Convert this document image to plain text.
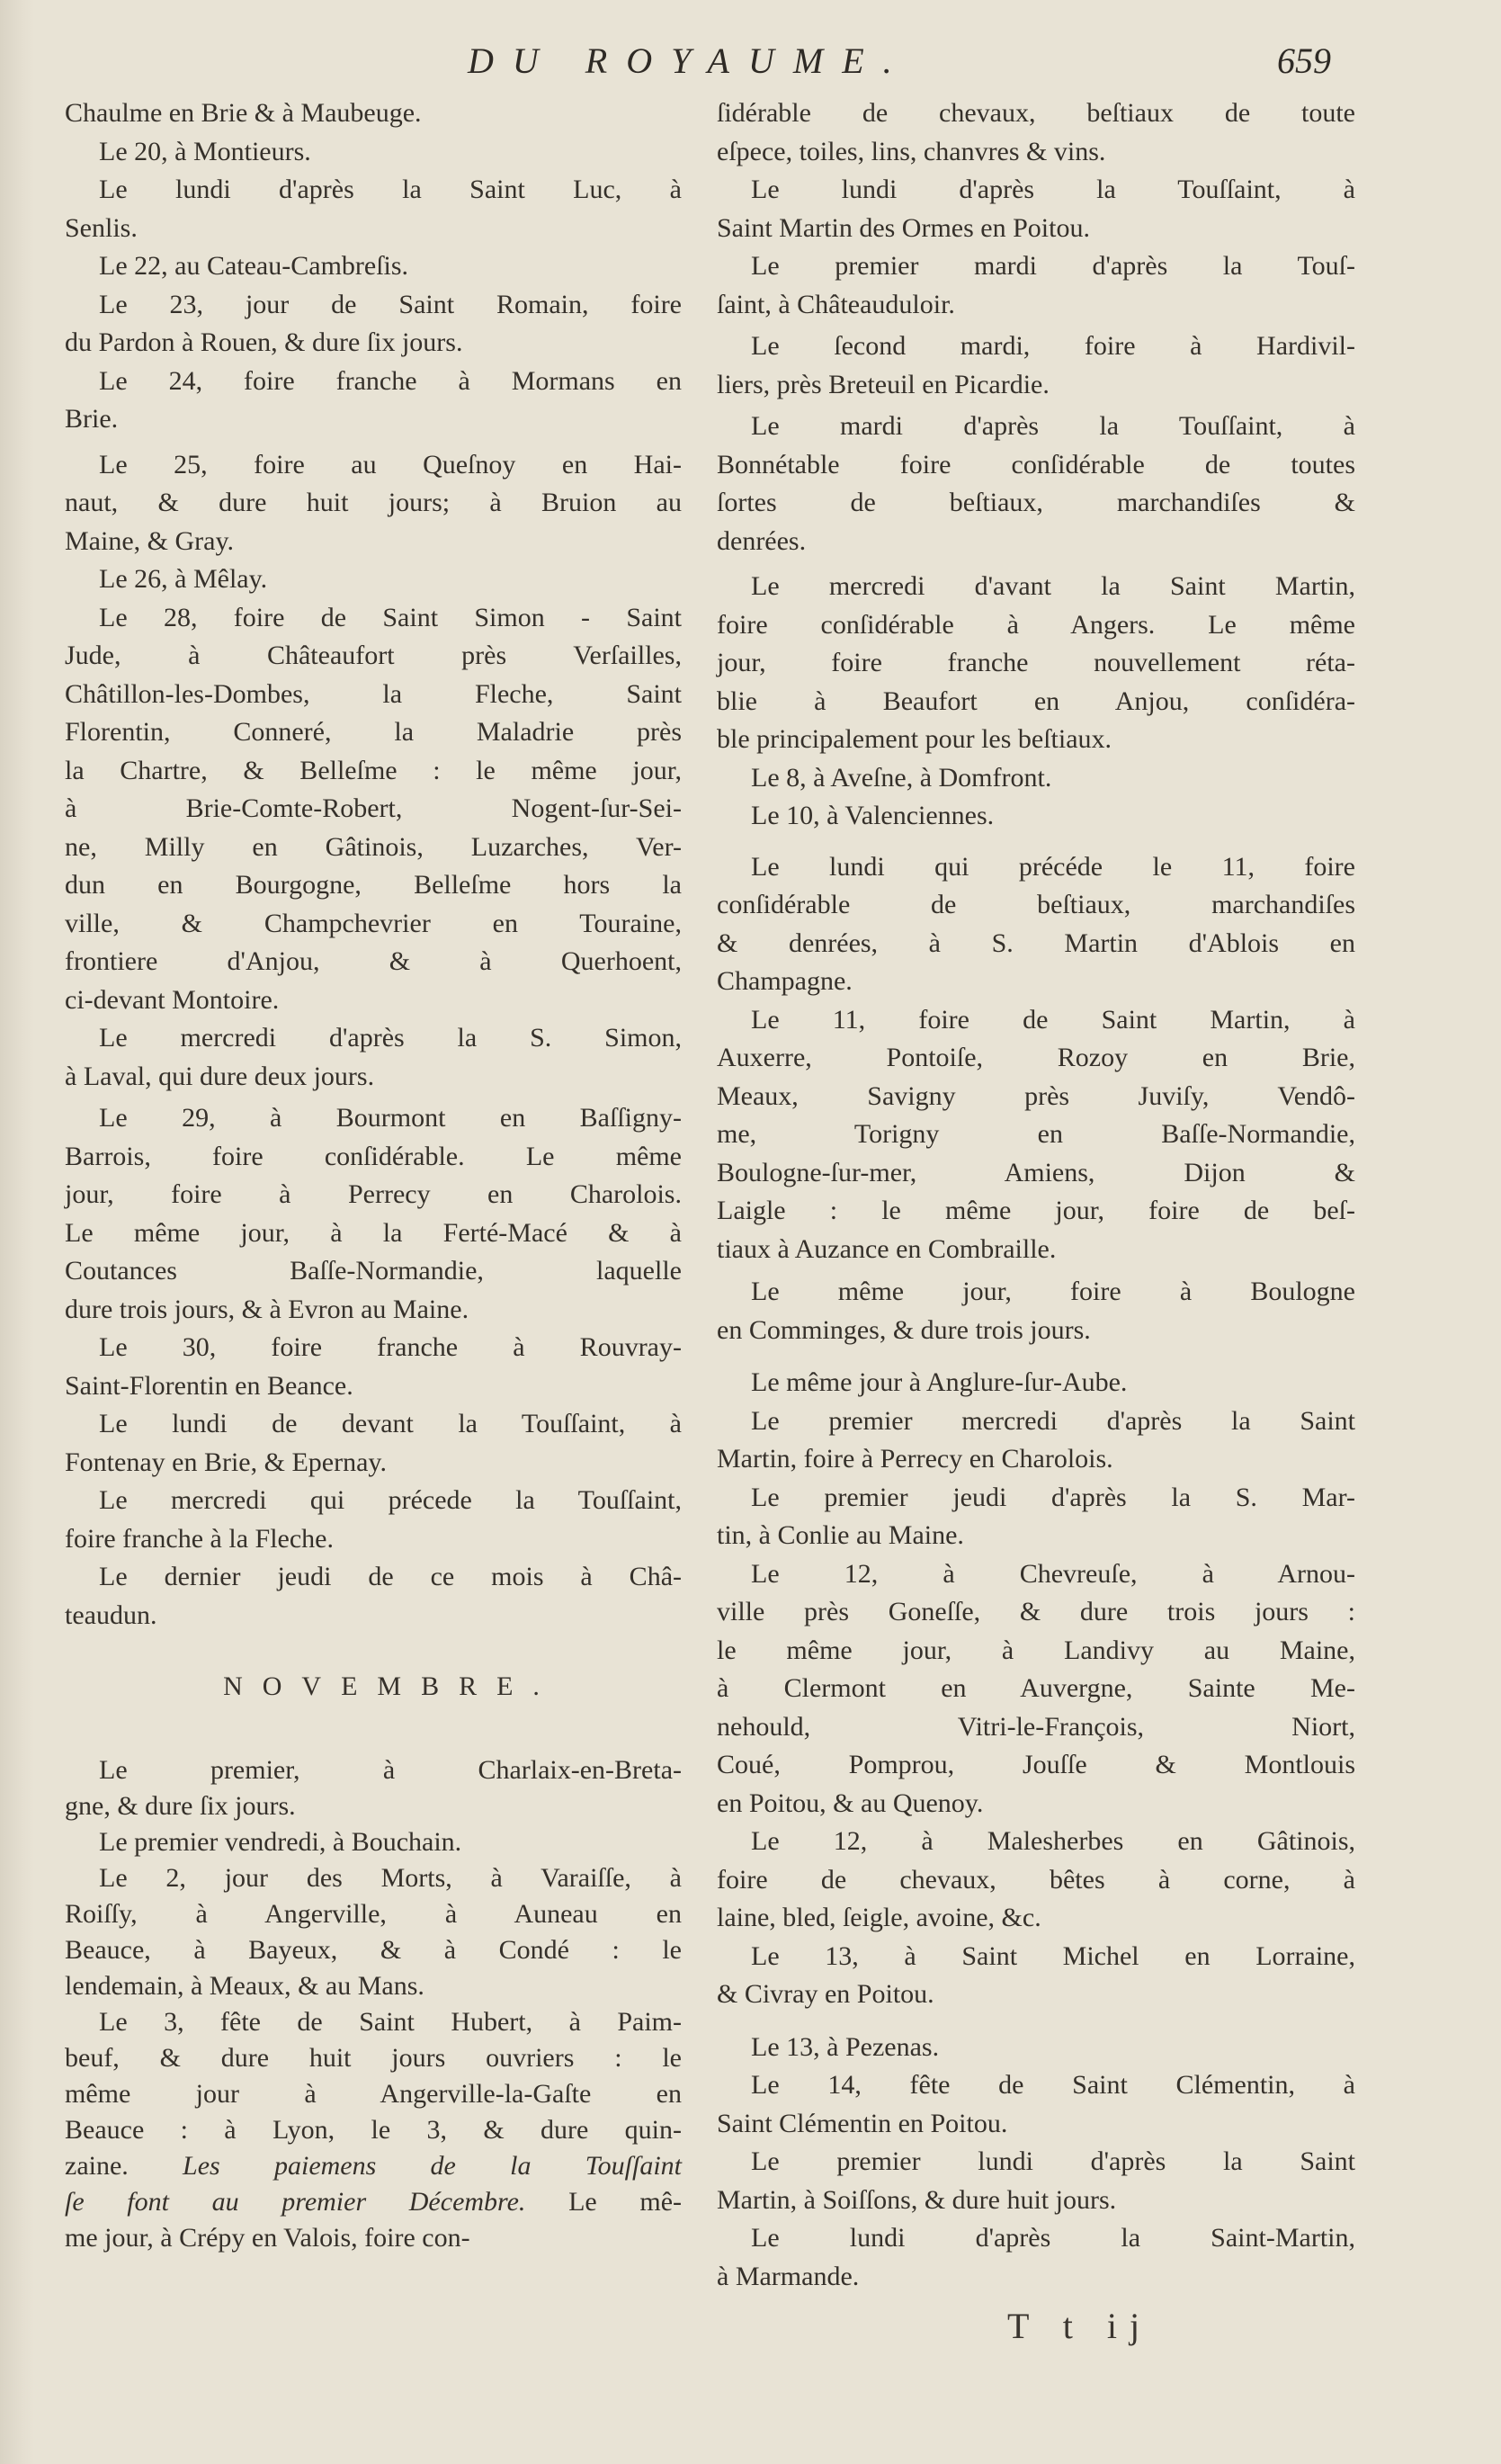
DU ROYAUME.	659
Chaulme en Brie & à Maubeuge.
Le 20, à Montieurs.
Le lundi d'après la Saint Luc, à
Senlis.
Le 22, au Cateau-Cambreſis.
Le 23, jour de Saint Romain, foire
du Pardon à Rouen, & dure ſix jours.
Le 24, foire franche à Mormans en
Brie.
Le 25, foire au Queſnoy en Hai-
naut, & dure huit jours; à Bruion au
Maine, & Gray.
Le 26, à Mêlay.
Le 28, foire de Saint Simon - Saint
Jude, à Châteaufort près Verſailles,
Châtillon-les-Dombes, la Fleche, Saint
Florentin, Conneré, la Maladrie près
la Chartre, & Belleſme : le même jour,
à Brie-Comte-Robert, Nogent-ſur-Sei-
ne, Milly en Gâtinois, Luzarches, Ver-
dun en Bourgogne, Belleſme hors la
ville, & Champchevrier en Touraine,
frontiere d'Anjou, & à Querhoent,
ci-devant Montoire.
Le mercredi d'après la S. Simon,
à Laval, qui dure deux jours.
Le 29, à Bourmont en Baſſigny-
Barrois, foire conſidérable. Le même
jour, foire à Perrecy en Charolois.
Le même jour, à la Ferté-Macé & à
Coutances Baſſe-Normandie, laquelle
dure trois jours, & à Evron au Maine.
Le 30, foire franche à Rouvray-
Saint-Florentin en Beance.
Le lundi de devant la Touſſaint, à
Fontenay en Brie, & Epernay.
Le mercredi qui précede la Touſſaint,
foire franche à la Fleche.
Le dernier jeudi de ce mois à Châ-
teaudun.
NOVEMBRE.
Le premier, à Charlaix-en-Breta-
gne, & dure ſix jours.
Le premier vendredi, à Bouchain.
Le 2, jour des Morts, à Varaiſſe, à
Roiſſy, à Angerville, à Auneau en
Beauce, à Bayeux, & à Condé : le
lendemain, à Meaux, & au Mans.
Le 3, fête de Saint Hubert, à Paim-
beuf, & dure huit jours ouvriers : le
même jour à Angerville-la-Gaſte en
Beauce : à Lyon, le 3, & dure quin-
zaine. Les paiemens de la Touſſaint
ſe font au premier Décembre. Le mê-
me jour, à Crépy en Valois, foire con-
ſidérable de chevaux, beſtiaux de toute
eſpece, toiles, lins, chanvres & vins.
Le lundi d'après la Touſſaint, à
Saint Martin des Ormes en Poitou.
Le premier mardi d'après la Touſ-
ſaint, à Châteauduloir.
Le ſecond mardi, foire à Hardivil-
liers, près Breteuil en Picardie.
Le mardi d'après la Touſſaint, à
Bonnétable foire conſidérable de toutes
ſortes de beſtiaux, marchandiſes &
denrées.
Le mercredi d'avant la Saint Martin,
foire conſidérable à Angers. Le même
jour, foire franche nouvellement réta-
blie à Beaufort en Anjou, conſidéra-
ble principalement pour les beſtiaux.
Le 8, à Aveſne, à Domfront.
Le 10, à Valenciennes.
Le lundi qui précéde le 11, foire
conſidérable de beſtiaux, marchandiſes
& denrées, à S. Martin d'Ablois en
Champagne.
Le 11, foire de Saint Martin, à
Auxerre, Pontoiſe, Rozoy en Brie,
Meaux, Savigny près Juviſy, Vendô-
me, Torigny en Baſſe-Normandie,
Boulogne-ſur-mer, Amiens, Dijon &
Laigle : le même jour, foire de beſ-
tiaux à Auzance en Combraille.
Le même jour, foire à Boulogne
en Comminges, & dure trois jours.
Le même jour à Anglure-ſur-Aube.
Le premier mercredi d'après la Saint
Martin, foire à Perrecy en Charolois.
Le premier jeudi d'après la S. Mar-
tin, à Conlie au Maine.
Le 12, à Chevreuſe, à Arnou-
ville près Goneſſe, & dure trois jours :
le même jour, à Landivy au Maine,
à Clermont en Auvergne, Sainte Me-
nehould, Vitri-le-François, Niort,
Coué, Pomprou, Jouſſe & Montlouis
en Poitou, & au Quenoy.
Le 12, à Malesherbes en Gâtinois,
foire de chevaux, bêtes à corne, à
laine, bled, ſeigle, avoine, &c.
Le 13, à Saint Michel en Lorraine,
& Civray en Poitou.
Le 13, à Pezenas.
Le 14, fête de Saint Clémentin, à
Saint Clémentin en Poitou.
Le premier lundi d'après la Saint
Martin, à Soiſſons, & dure huit jours.
Le lundi d'après la Saint-Martin,
à Marmande.
T t ij
